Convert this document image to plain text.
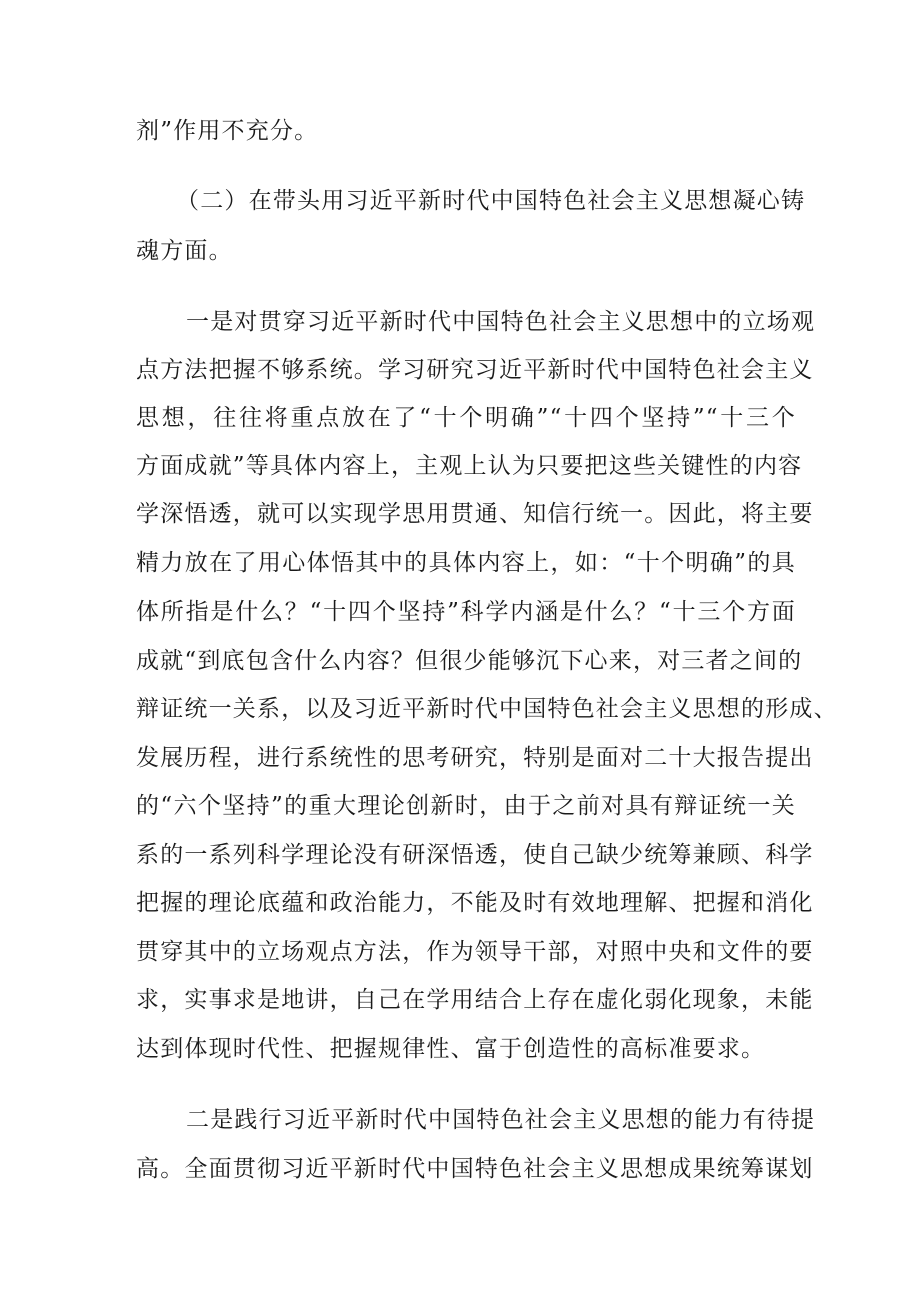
剂”作用不充分。
（二）在带头用习近平新时代中国特色社会主义思想凝心铸
魂方面。
一是对贯穿习近平新时代中国特色社会主义思想中的立场观
点方法把握不够系统。学习研究习近平新时代中国特色社会主义
思想，往往将重点放在了“十个明确”“十四个坚持”“十三个
方面成就”等具体内容上，主观上认为只要把这些关键性的内容
学深悟透，就可以实现学思用贯通、知信行统一。因此，将主要
精力放在了用心体悟其中的具体内容上，如：“十个明确”的具
体所指是什么？“十四个坚持”科学内涵是什么？“十三个方面
成就“到底包含什么内容？但很少能够沉下心来，对三者之间的
辩证统一关系，以及习近平新时代中国特色社会主义思想的形成、
发展历程，进行系统性的思考研究，特别是面对二十大报告提出
的“六个坚持”的重大理论创新时，由于之前对具有辩证统一关
系的一系列科学理论没有研深悟透，使自己缺少统筹兼顾、科学
把握的理论底蕴和政治能力，不能及时有效地理解、把握和消化
贯穿其中的立场观点方法，作为领导干部，对照中央和文件的要
求，实事求是地讲，自己在学用结合上存在虚化弱化现象，未能
达到体现时代性、把握规律性、富于创造性的高标准要求。
二是践行习近平新时代中国特色社会主义思想的能力有待提
高。全面贯彻习近平新时代中国特色社会主义思想成果统筹谋划
